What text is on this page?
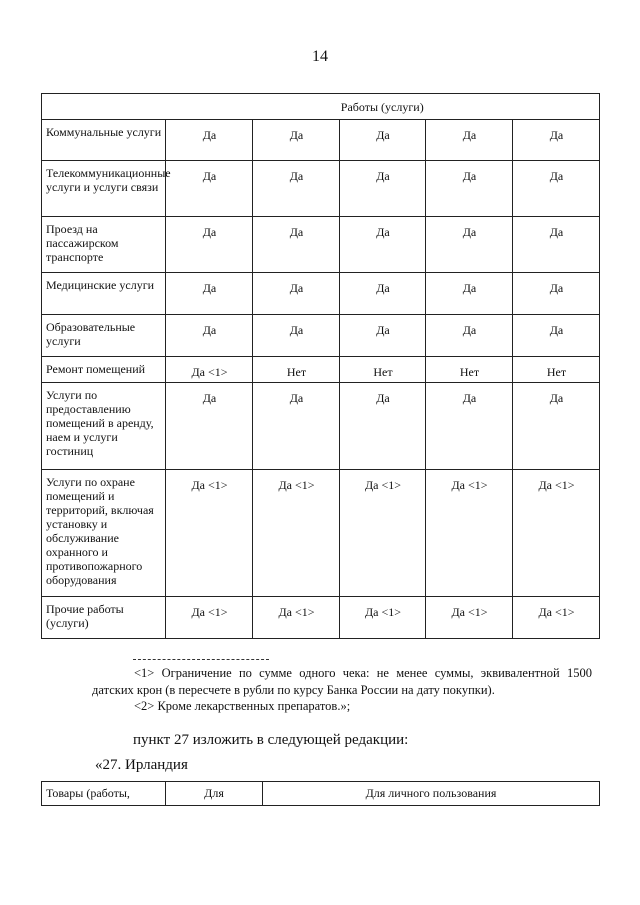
14
	Работы (услуги)				
Коммунальные услуги	Да	Да	Да	Да	Да
Телекоммуникационные услуги и услуги связи	Да	Да	Да	Да	Да
Проезд на пассажирском транспорте	Да	Да	Да	Да	Да
Медицинские услуги	Да	Да	Да	Да	Да
Образовательные услуги	Да	Да	Да	Да	Да
Ремонт помещений	Да <1>	Нет	Нет	Нет	Нет
Услуги по предоставлению помещений в аренду, наем и услуги гостиниц	Да	Да	Да	Да	Да
Услуги по охране помещений и территорий, включая установку и обслуживание охранного и противопожарного оборудования	Да <1>	Да <1>	Да <1>	Да <1>	Да <1>
Прочие работы (услуги)	Да <1>	Да <1>	Да <1>	Да <1>	Да <1>
<1> Ограничение по сумме одного чека: не менее суммы, эквивалентной 1500 датских крон (в пересчете в рубли по курсу Банка России на дату покупки).
<2> Кроме лекарственных препаратов.»;
пункт 27 изложить в следующей редакции:
«27. Ирландия
Товары (работы,	Для	Для личного пользования
